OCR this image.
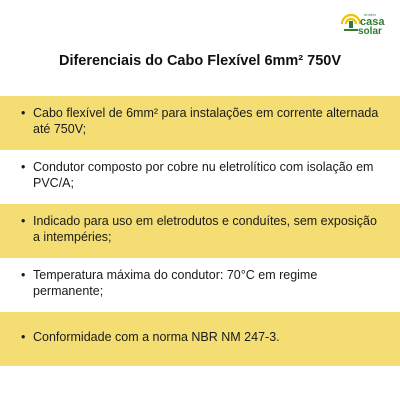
mister
casa
solar
Diferenciais do Cabo Flexível 6mm² 750V
• Cabo flexível de 6mm² para instalações em corrente alternada até 750V;
• Condutor composto por cobre nu eletrolítico com isolação em PVC/A;
• Indicado para uso em eletrodutos e conduítes, sem exposição a intempéries;
• Temperatura máxima do condutor: 70°C em regime permanente;
• Conformidade com a norma NBR NM 247-3.
